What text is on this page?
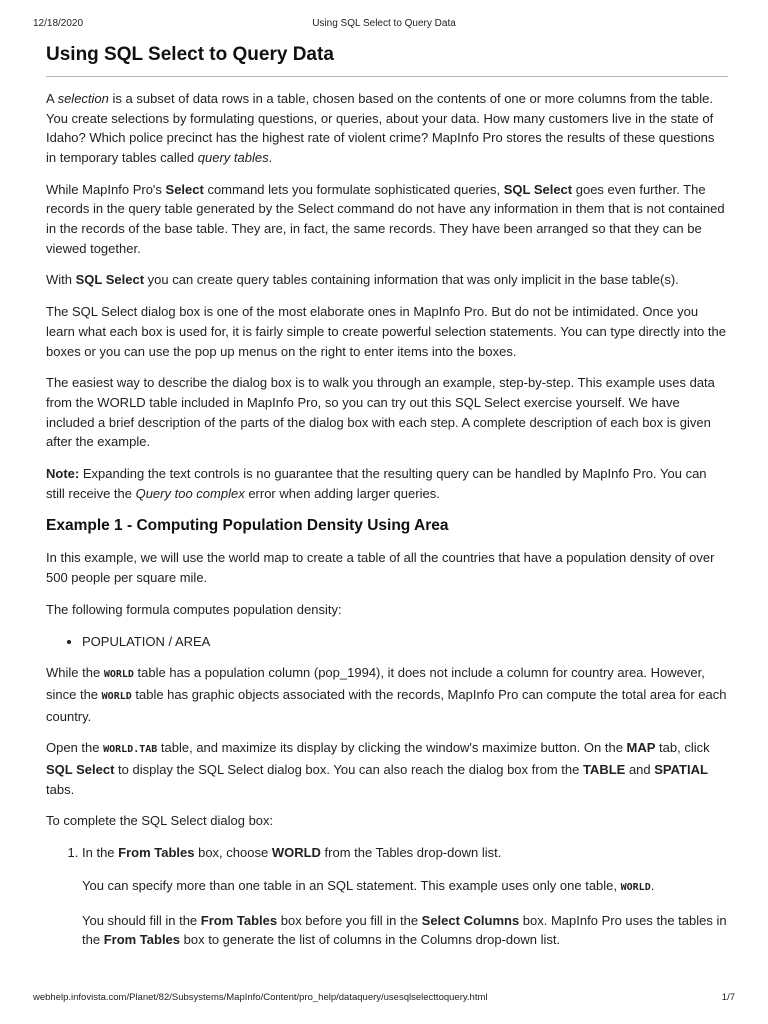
12/18/2020	Using SQL Select to Query Data
Using SQL Select to Query Data

A selection is a subset of data rows in a table, chosen based on the contents of one or more columns from the table. You create selections by formulating questions, or queries, about your data. How many customers live in the state of Idaho? Which police precinct has the highest rate of violent crime? MapInfo Pro stores the results of these questions in temporary tables called query tables.

While MapInfo Pro's Select command lets you formulate sophisticated queries, SQL Select goes even further. The records in the query table generated by the Select command do not have any information in them that is not contained in the records of the base table. They are, in fact, the same records. They have been arranged so that they can be viewed together.

With SQL Select you can create query tables containing information that was only implicit in the base table(s).

The SQL Select dialog box is one of the most elaborate ones in MapInfo Pro. But do not be intimidated. Once you learn what each box is used for, it is fairly simple to create powerful selection statements. You can type directly into the boxes or you can use the pop up menus on the right to enter items into the boxes.

The easiest way to describe the dialog box is to walk you through an example, step-by-step. This example uses data from the WORLD table included in MapInfo Pro, so you can try out this SQL Select exercise yourself. We have included a brief description of the parts of the dialog box with each step. A complete description of each box is given after the example.

Note: Expanding the text controls is no guarantee that the resulting query can be handled by MapInfo Pro. You can still receive the Query too complex error when adding larger queries.

Example 1 - Computing Population Density Using Area

In this example, we will use the world map to create a table of all the countries that have a population density of over 500 people per square mile.

The following formula computes population density:

• POPULATION / AREA

While the WORLD table has a population column (pop_1994), it does not include a column for country area. However, since the WORLD table has graphic objects associated with the records, MapInfo Pro can compute the total area for each country.

Open the WORLD.TAB table, and maximize its display by clicking the window's maximize button. On the MAP tab, click SQL Select to display the SQL Select dialog box. You can also reach the dialog box from the TABLE and SPATIAL tabs.

To complete the SQL Select dialog box:

1. In the From Tables box, choose WORLD from the Tables drop-down list.

You can specify more than one table in an SQL statement. This example uses only one table, WORLD.

You should fill in the From Tables box before you fill in the Select Columns box. MapInfo Pro uses the tables in the From Tables box to generate the list of columns in the Columns drop-down list.

webhelp.infovista.com/Planet/82/Subsystems/MapInfo/Content/pro_help/dataquery/usesqlselecttoquery.html	1/7
